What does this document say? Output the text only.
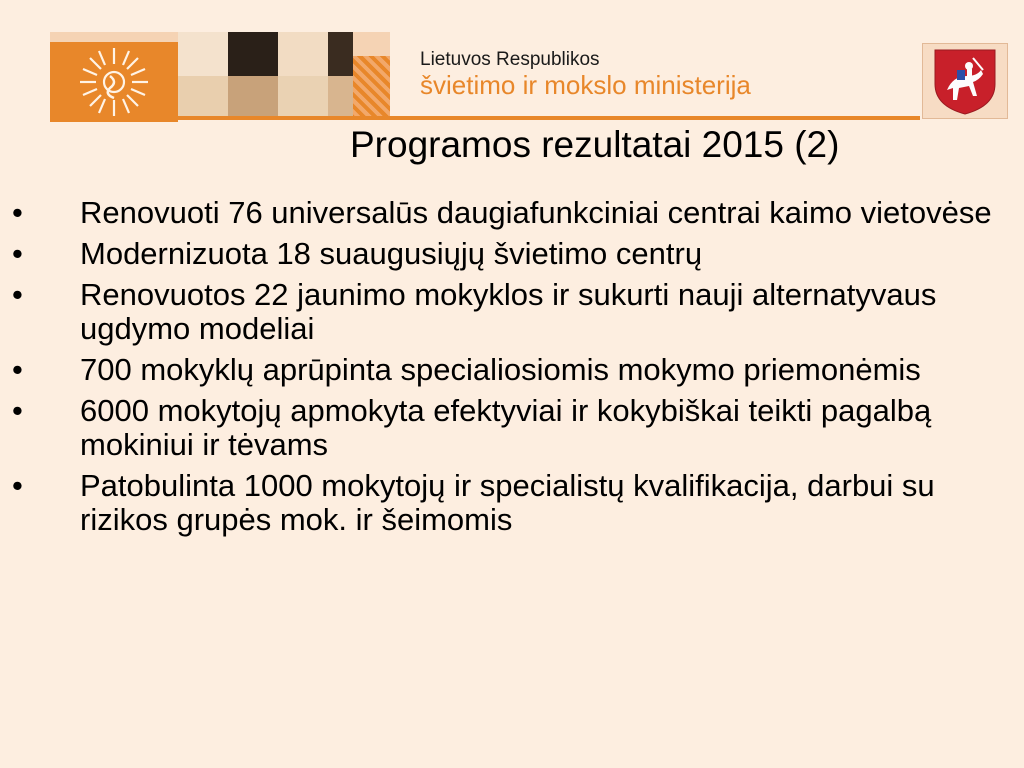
Lietuvos Respublikos
švietimo ir mokslo ministerija
Programos rezultatai 2015 (2)
• Renovuoti 76 universalūs daugiafunkciniai centrai kaimo vietovėse
• Modernizuota 18 suaugusiųjų švietimo centrų
• Renovuotos 22 jaunimo mokyklos ir sukurti nauji alternatyvaus ugdymo modeliai
• 700 mokyklų aprūpinta specialiosiomis mokymo priemonėmis
• 6000 mokytojų apmokyta efektyviai ir kokybiškai teikti pagalbą mokiniui ir tėvams
• Patobulinta 1000 mokytojų ir specialistų kvalifikacija, darbui su rizikos grupės mok. ir šeimomis
